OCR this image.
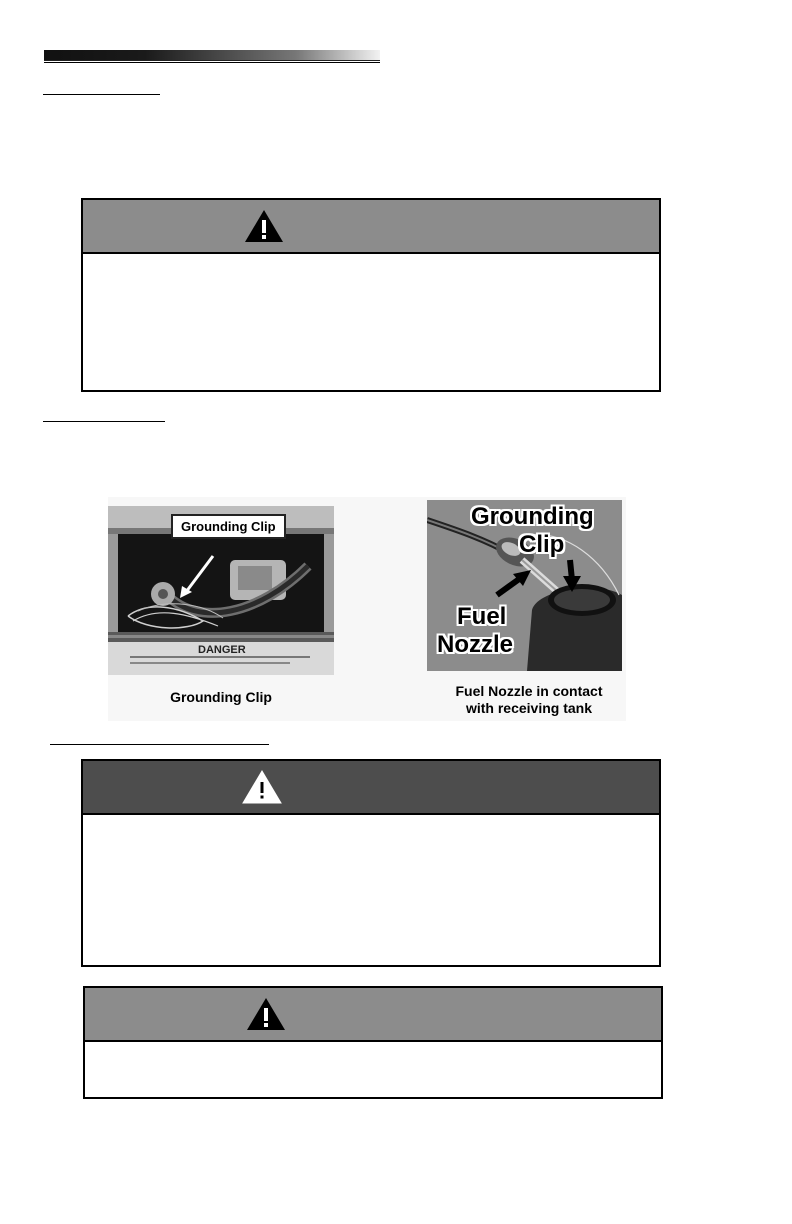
Grounding Clip
DANGER
Grounding Clip
Grounding
Clip
Fuel
Nozzle
Fuel Nozzle in contact
with receiving tank
